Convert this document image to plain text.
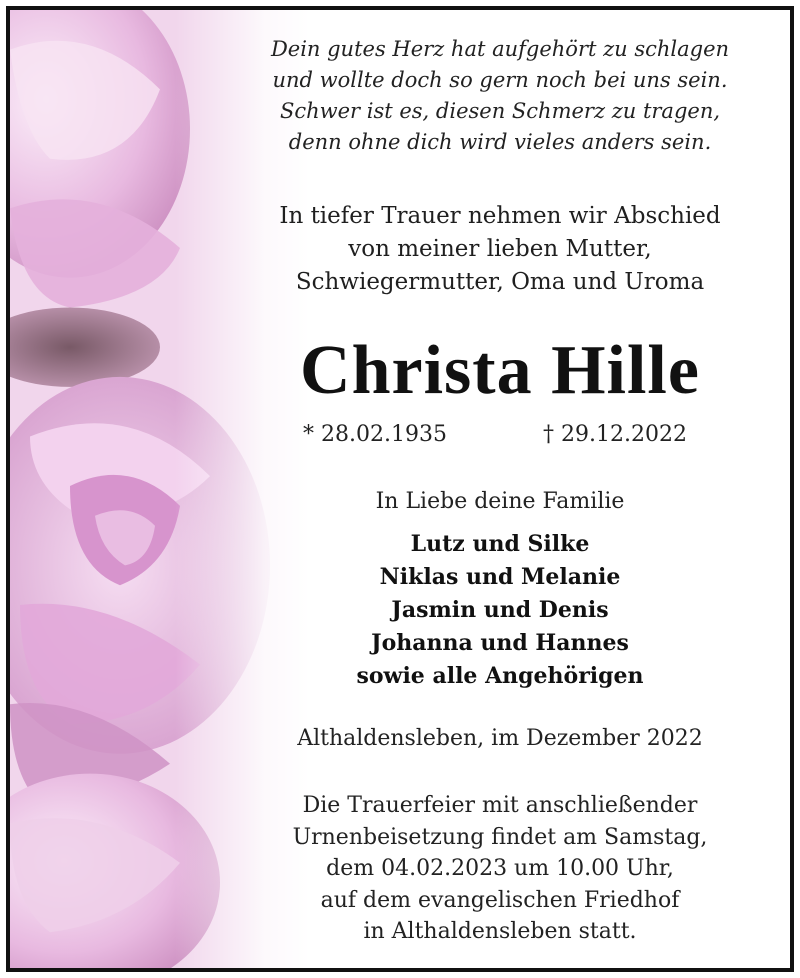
Dein gutes Herz hat aufgehört zu schlagen
und wollte doch so gern noch bei uns sein.
Schwer ist es, diesen Schmerz zu tragen,
denn ohne dich wird vieles anders sein.
In tiefer Trauer nehmen wir Abschied
von meiner lieben Mutter,
Schwiegermutter, Oma und Uroma
Christa Hille
* 28.02.1935	† 29.12.2022
In Liebe deine Familie
Lutz und Silke
Niklas und Melanie
Jasmin und Denis
Johanna und Hannes
sowie alle Angehörigen
Althaldensleben, im Dezember 2022
Die Trauerfeier mit anschließender
Urnenbeisetzung findet am Samstag,
dem 04.02.2023 um 10.00 Uhr,
auf dem evangelischen Friedhof
in Althaldensleben statt.
